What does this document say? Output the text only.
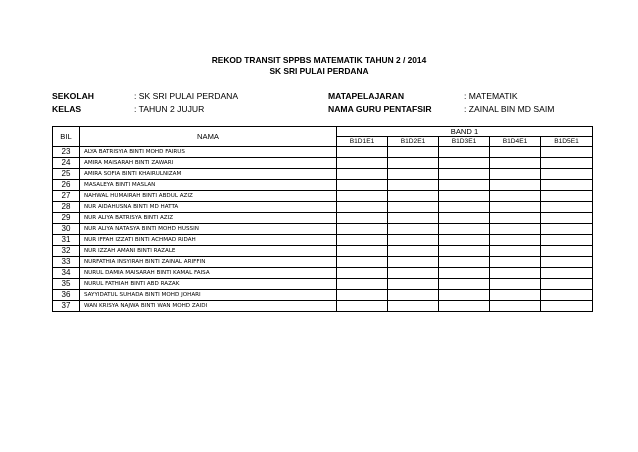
REKOD TRANSIT SPPBS MATEMATIK TAHUN 2 / 2014
SK SRI PULAI PERDANA
SEKOLAH	: SK SRI PULAI PERDANA	MATAPELAJARAN	: MATEMATIK
KELAS	: TAHUN 2 JUJUR	NAMA GURU PENTAFSIR	: ZAINAL BIN MD SAIM
BIL	NAMA	BAND 1				
		B1D1E1	B1D2E1	B1D3E1	B1D4E1	B1D5E1
23	ALYA BATRISYIA BINTI MOHD FAIRUS					
24	AMIRA MAISARAH BINTI ZAWARI					
25	AMIRA SOFIA BINTI KHAIRULNIZAM					
26	MASALEYA BINTI MASLAN					
27	NAHWAL HUMAIRAH BINTI ABDUL AZIZ					
28	NUR AIDAHUSNA BINTI MD HATTA					
29	NUR ALIYA BATRISYA BINTI AZIZ					
30	NUR ALIYA NATASYA BINTI MOHD HUSSIN					
31	NUR IFFAH IZZATI BINTI ACHMAD RIDAH					
32	NUR IZZAH AMANI BINTI RAZALE					
33	NURFATHIA INSYIRAH BINTI ZAINAL ARIFFIN					
34	NURUL DAMIA MAISARAH BINTI KAMAL FAISA					
35	NURUL FATHIAH BINTI ABD RAZAK					
36	SAYYIDATUL SUHADA BINTI MOHD JOHARI					
37	WAN KRISYA NAJWA BINTI WAN MOHD ZAIDI					
